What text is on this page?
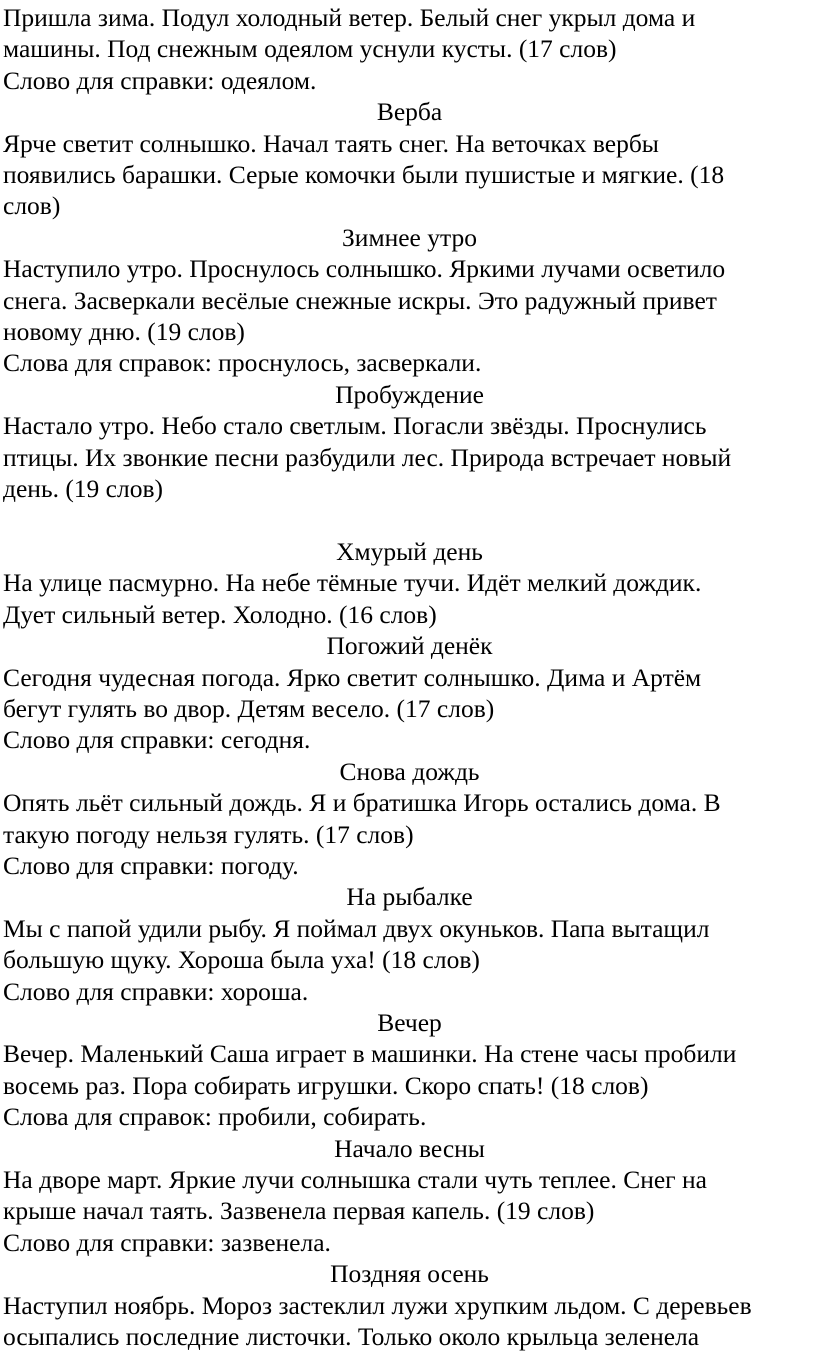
Пришла зима. Подул холодный ветер. Белый снег укрыл дома и
машины. Под снежным одеялом уснули кусты. (17 слов)
Слово для справки: одеялом.
Верба
Ярче светит солнышко. Начал таять снег. На веточках вербы
появились барашки. Серые комочки были пушистые и мягкие. (18
слов)
Зимнее утро
Наступило утро. Проснулось солнышко. Яркими лучами осветило
снега. Засверкали весёлые снежные искры. Это радужный привет
новому дню. (19 слов)
Слова для справок: проснулось, засверкали.
Пробуждение
Настало утро. Небо стало светлым. Погасли звёзды. Проснулись
птицы. Их звонкие песни разбудили лес. Природа встречает новый
день. (19 слов)
Хмурый день
На улице пасмурно. На небе тёмные тучи. Идёт мелкий дождик.
Дует сильный ветер. Холодно. (16 слов)
Погожий денёк
Сегодня чудесная погода. Ярко светит солнышко. Дима и Артём
бегут гулять во двор. Детям весело. (17 слов)
Слово для справки: сегодня.
Снова дождь
Опять льёт сильный дождь. Я и братишка Игорь остались дома. В
такую погоду нельзя гулять. (17 слов)
Слово для справки: погоду.
На рыбалке
Мы с папой удили рыбу. Я поймал двух окуньков. Папа вытащил
большую щуку. Хороша была уха! (18 слов)
Слово для справки: хороша.
Вечер
Вечер. Маленький Саша играет в машинки. На стене часы пробили
восемь раз. Пора собирать игрушки. Скоро спать! (18 слов)
Слова для справок: пробили, собирать.
Начало весны
На дворе март. Яркие лучи солнышка стали чуть теплее. Снег на
крыше начал таять. Зазвенела первая капель. (19 слов)
Слово для справки: зазвенела.
Поздняя осень
Наступил ноябрь. Мороз застеклил лужи хрупким льдом. С деревьев
осыпались последние листочки. Только около крыльца зеленела
